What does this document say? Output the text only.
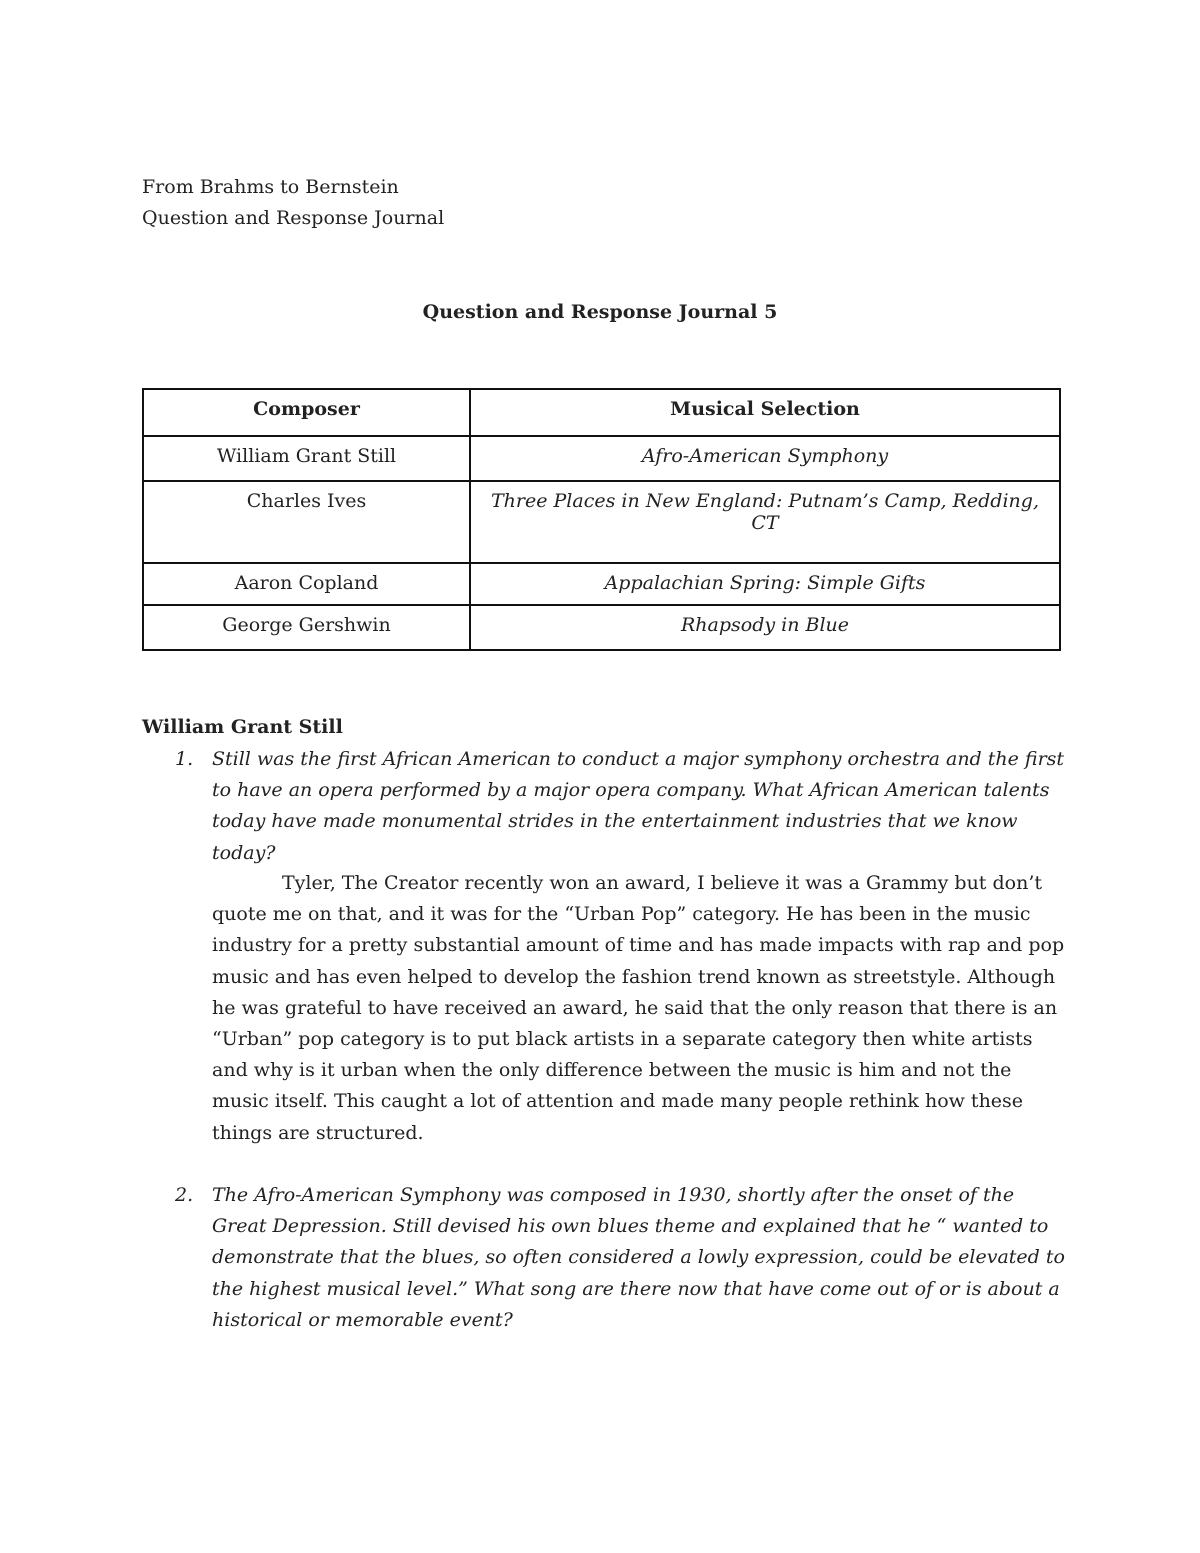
From Brahms to Bernstein
Question and Response Journal
Question and Response Journal 5
Composer	Musical Selection
William Grant Still	Afro-American Symphony
Charles Ives	Three Places in New England: Putnam’s Camp, Redding, CT
Aaron Copland	Appalachian Spring: Simple Gifts
George Gershwin	Rhapsody in Blue
William Grant Still
1. Still was the first African American to conduct a major symphony orchestra and the first to have an opera performed by a major opera company. What African American talents today have made monumental strides in the entertainment industries that we know today?
Tyler, The Creator recently won an award, I believe it was a Grammy but don’t quote me on that, and it was for the “Urban Pop” category. He has been in the music industry for a pretty substantial amount of time and has made impacts with rap and pop music and has even helped to develop the fashion trend known as streetstyle. Although he was grateful to have received an award, he said that the only reason that there is an “Urban” pop category is to put black artists in a separate category then white artists and why is it urban when the only difference between the music is him and not the music itself. This caught a lot of attention and made many people rethink how these things are structured.
2. The Afro-American Symphony was composed in 1930, shortly after the onset of the Great Depression. Still devised his own blues theme and explained that he “ wanted to demonstrate that the blues, so often considered a lowly expression, could be elevated to the highest musical level.” What song are there now that have come out of or is about a historical or memorable event?
